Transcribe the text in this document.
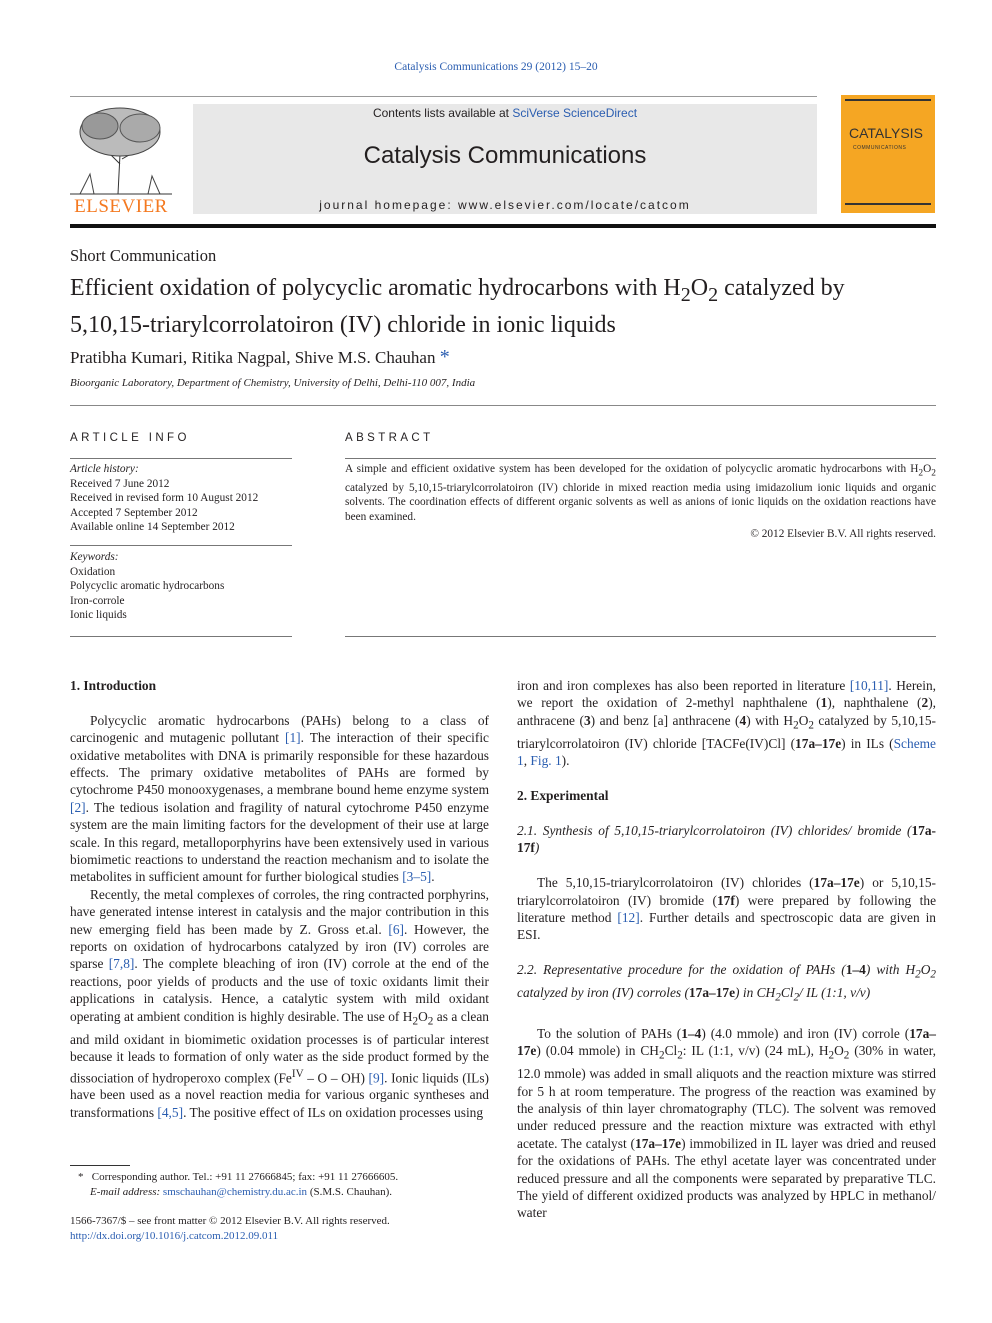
Catalysis Communications 29 (2012) 15–20
ELSEVIER
Contents lists available at SciVerse ScienceDirect
Catalysis Communications
journal homepage: www.elsevier.com/locate/catcom
CATALYSIS
COMMUNICATIONS
Short Communication
Efficient oxidation of polycyclic aromatic hydrocarbons with $H_2O_2$ catalyzed by
5,10,15-triarylcorrolatoiron (IV) chloride in ionic liquids
Pratibha Kumari, Ritika Nagpal, Shive M.S. Chauhan *
Bioorganic Laboratory, Department of Chemistry, University of Delhi, Delhi-110 007, India
ARTICLE INFO	ABSTRACT
Article history:
Received 7 June 2012
Received in revised form 10 August 2012
Accepted 7 September 2012
Available online 14 September 2012
Keywords:
Oxidation
Polycyclic aromatic hydrocarbons
Iron-corrole
Ionic liquids
A simple and efficient oxidative system has been developed for the oxidation of polycyclic aromatic hydrocarbons with $H_2O_2$ catalyzed by 5,10,15-triarylcorrolatoiron (IV) chloride in mixed reaction media using imidazolium ionic liquids and organic solvents. The coordination effects of different organic solvents as well as anions of ionic liquids on the oxidation reactions have been examined.
© 2012 Elsevier B.V. All rights reserved.
1. Introduction

Polycyclic aromatic hydrocarbons (PAHs) belong to a class of carcinogenic and mutagenic pollutant [1]. The interaction of their specific oxidative metabolites with DNA is primarily responsible for these hazardous effects. The primary oxidative metabolites of PAHs are formed by cytochrome P450 monooxygenases, a membrane bound heme enzyme system [2]. The tedious isolation and fragility of natural cytochrome P450 enzyme system are the main limiting factors for the development of their use at large scale. In this regard, metalloporphyrins have been extensively used in various biomimetic reactions to understand the reaction mechanism and to isolate the metabolites in sufficient amount for further biological studies [3–5].

Recently, the metal complexes of corroles, the ring contracted porphyrins, have generated intense interest in catalysis and the major contribution in this new emerging field has been made by Z. Gross et.al. [6]. However, the reports on oxidation of hydrocarbons catalyzed by iron (IV) corroles are sparse [7,8]. The complete bleaching of iron (IV) corrole at the end of the reactions, poor yields of products and the use of toxic oxidants limit their applications in catalysis. Hence, a catalytic system with mild oxidant operating at ambient condition is highly desirable. The use of $H_2O_2$ as a clean and mild oxidant in biomimetic oxidation processes is of particular interest because it leads to formation of only water as the side product formed by the dissociation of hydroperoxo complex ($Fe^{IV}$ – O – OH) [9]. Ionic liquids (ILs) have been used as a novel reaction media for various organic syntheses and transformations [4,5]. The positive effect of ILs on oxidation processes using

* Corresponding author. Tel.: +91 11 27666845; fax: +91 11 27666605.
E-mail address: smschauhan@chemistry.du.ac.in (S.M.S. Chauhan).
1566-7367/$ – see front matter © 2012 Elsevier B.V. All rights reserved.
http://dx.doi.org/10.1016/j.catcom.2012.09.011

iron and iron complexes has also been reported in literature [10,11]. Herein, we report the oxidation of 2-methyl naphthalene (1), naphthalene (2), anthracene (3) and benz [a] anthracene (4) with $H_2O_2$ catalyzed by 5,10,15-triarylcorrolatoiron (IV) chloride [TACFe(IV)Cl] (17a–17e) in ILs (Scheme 1, Fig. 1).

2. Experimental

2.1. Synthesis of 5,10,15-triarylcorrolatoiron (IV) chlorides/ bromide (17a-17f)

The 5,10,15-triarylcorrolatoiron (IV) chlorides (17a–17e) or 5,10,15-triarylcorrolatoiron (IV) bromide (17f) were prepared by following the literature method [12]. Further details and spectroscopic data are given in ESI.

2.2. Representative procedure for the oxidation of PAHs (1–4) with $H_2O_2$ catalyzed by iron (IV) corroles (17a–17e) in $CH_2Cl_2/$ IL (1:1, v/v)

To the solution of PAHs (1–4) (4.0 mmole) and iron (IV) corrole (17a–17e) (0.04 mmole) in $CH_2Cl_2$: IL (1:1, v/v) (24 mL), $H_2O_2$ (30% in water, 12.0 mmole) was added in small aliquots and the reaction mixture was stirred for 5 h at room temperature. The progress of the reaction was examined by the analysis of thin layer chromatography (TLC). The solvent was removed under reduced pressure and the reaction mixture was extracted with ethyl acetate. The catalyst (17a–17e) immobilized in IL layer was dried and reused for the oxidations of PAHs. The ethyl acetate layer was concentrated under reduced pressure and all the components were separated by preparative TLC. The yield of different oxidized products was analyzed by HPLC in methanol/ water
